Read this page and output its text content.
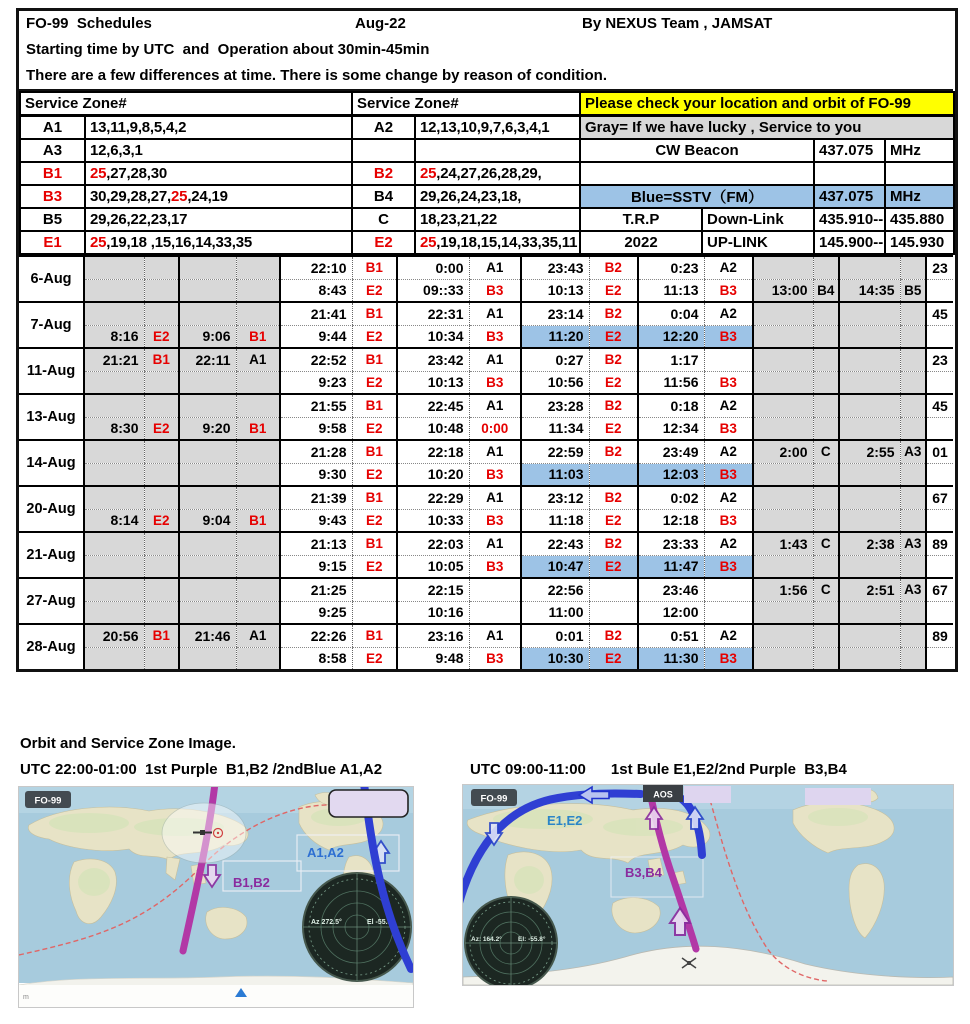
FO-99  Schedules

	Aug-22

	By NEXUS Team , JAMSAT

Starting time by UTC  and  Operation about 30min-45min
There are a few differences at time. There is some change by reason of condition.
Service Zone#		Service Zone#		Please check your location and orbit of FO-99			
A1	13,11,9,8,5,4,2	A2	12,13,10,9,7,6,3,4,1	Gray= If we have lucky , Service to you			
A3	12,6,3,1			CW Beacon		437.075	MHz
B1	25,27,28,30	B2	25,24,27,26,28,29,				
B3	30,29,28,27,25,24,19	B4	29,26,24,23,18,	Blue=SSTV（FM）		437.075	MHz
B5	29,26,22,23,17	C	18,23,21,22	T.R.P	Down-Link	435.910--	435.880
E1	25,19,18 ,15,16,14,33,35	E2	25,19,18,15,14,33,35,11	2022	UP-LINK	145.900--	145.930
6-Aug					22:10	B1	0:00	A1	23:43	B2	0:23	A2					23
					8:43	E2	09::33	B3	10:13	E2	11:13	B3	13:00	B4	14:35	B5	
7-Aug					21:41	B1	22:31	A1	23:14	B2	0:04	A2					45
	8:16	E2	9:06	B1	9:44	E2	10:34	B3	11:20	E2	12:20	B3					
11-Aug	21:21	B1	22:11	A1	22:52	B1	23:42	A1	0:27	B2	1:17						23
					9:23	E2	10:13	B3	10:56	E2	11:56	B3					
13-Aug					21:55	B1	22:45	A1	23:28	B2	0:18	A2					45
	8:30	E2	9:20	B1	9:58	E2	10:48	0:00	11:34	E2	12:34	B3					
14-Aug					21:28	B1	22:18	A1	22:59	B2	23:49	A2	2:00	C	2:55	A3	01
					9:30	E2	10:20	B3	11:03		12:03	B3					
20-Aug					21:39	B1	22:29	A1	23:12	B2	0:02	A2					67
	8:14	E2	9:04	B1	9:43	E2	10:33	B3	11:18	E2	12:18	B3					
21-Aug					21:13	B1	22:03	A1	22:43	B2	23:33	A2	1:43	C	2:38	A3	89
					9:15	E2	10:05	B3	10:47	E2	11:47	B3					
27-Aug					21:25		22:15		22:56		23:46		1:56	C	2:51	A3	67
					9:25		10:16		11:00		12:00						
28-Aug	20:56	B1	21:46	A1	22:26	B1	23:16	A1	0:01	B2	0:51	A2					89
					8:58	E2	9:48	B3	10:30	E2	11:30	B3					
Orbit and Service Zone Image.
UTC 22:00-01:00  1st Purple  B1,B2 /2ndBlue A1,A2	UTC 09:00-11:00      1st Bule E1,E2/2nd Purple  B3,B4
Az 272.5°	El -55.8°
B1,B2
A1,A2
FO-99
m
Az: 164.2° El: -55.8°
E1,E2
B3,B4
FO-99	AOS
